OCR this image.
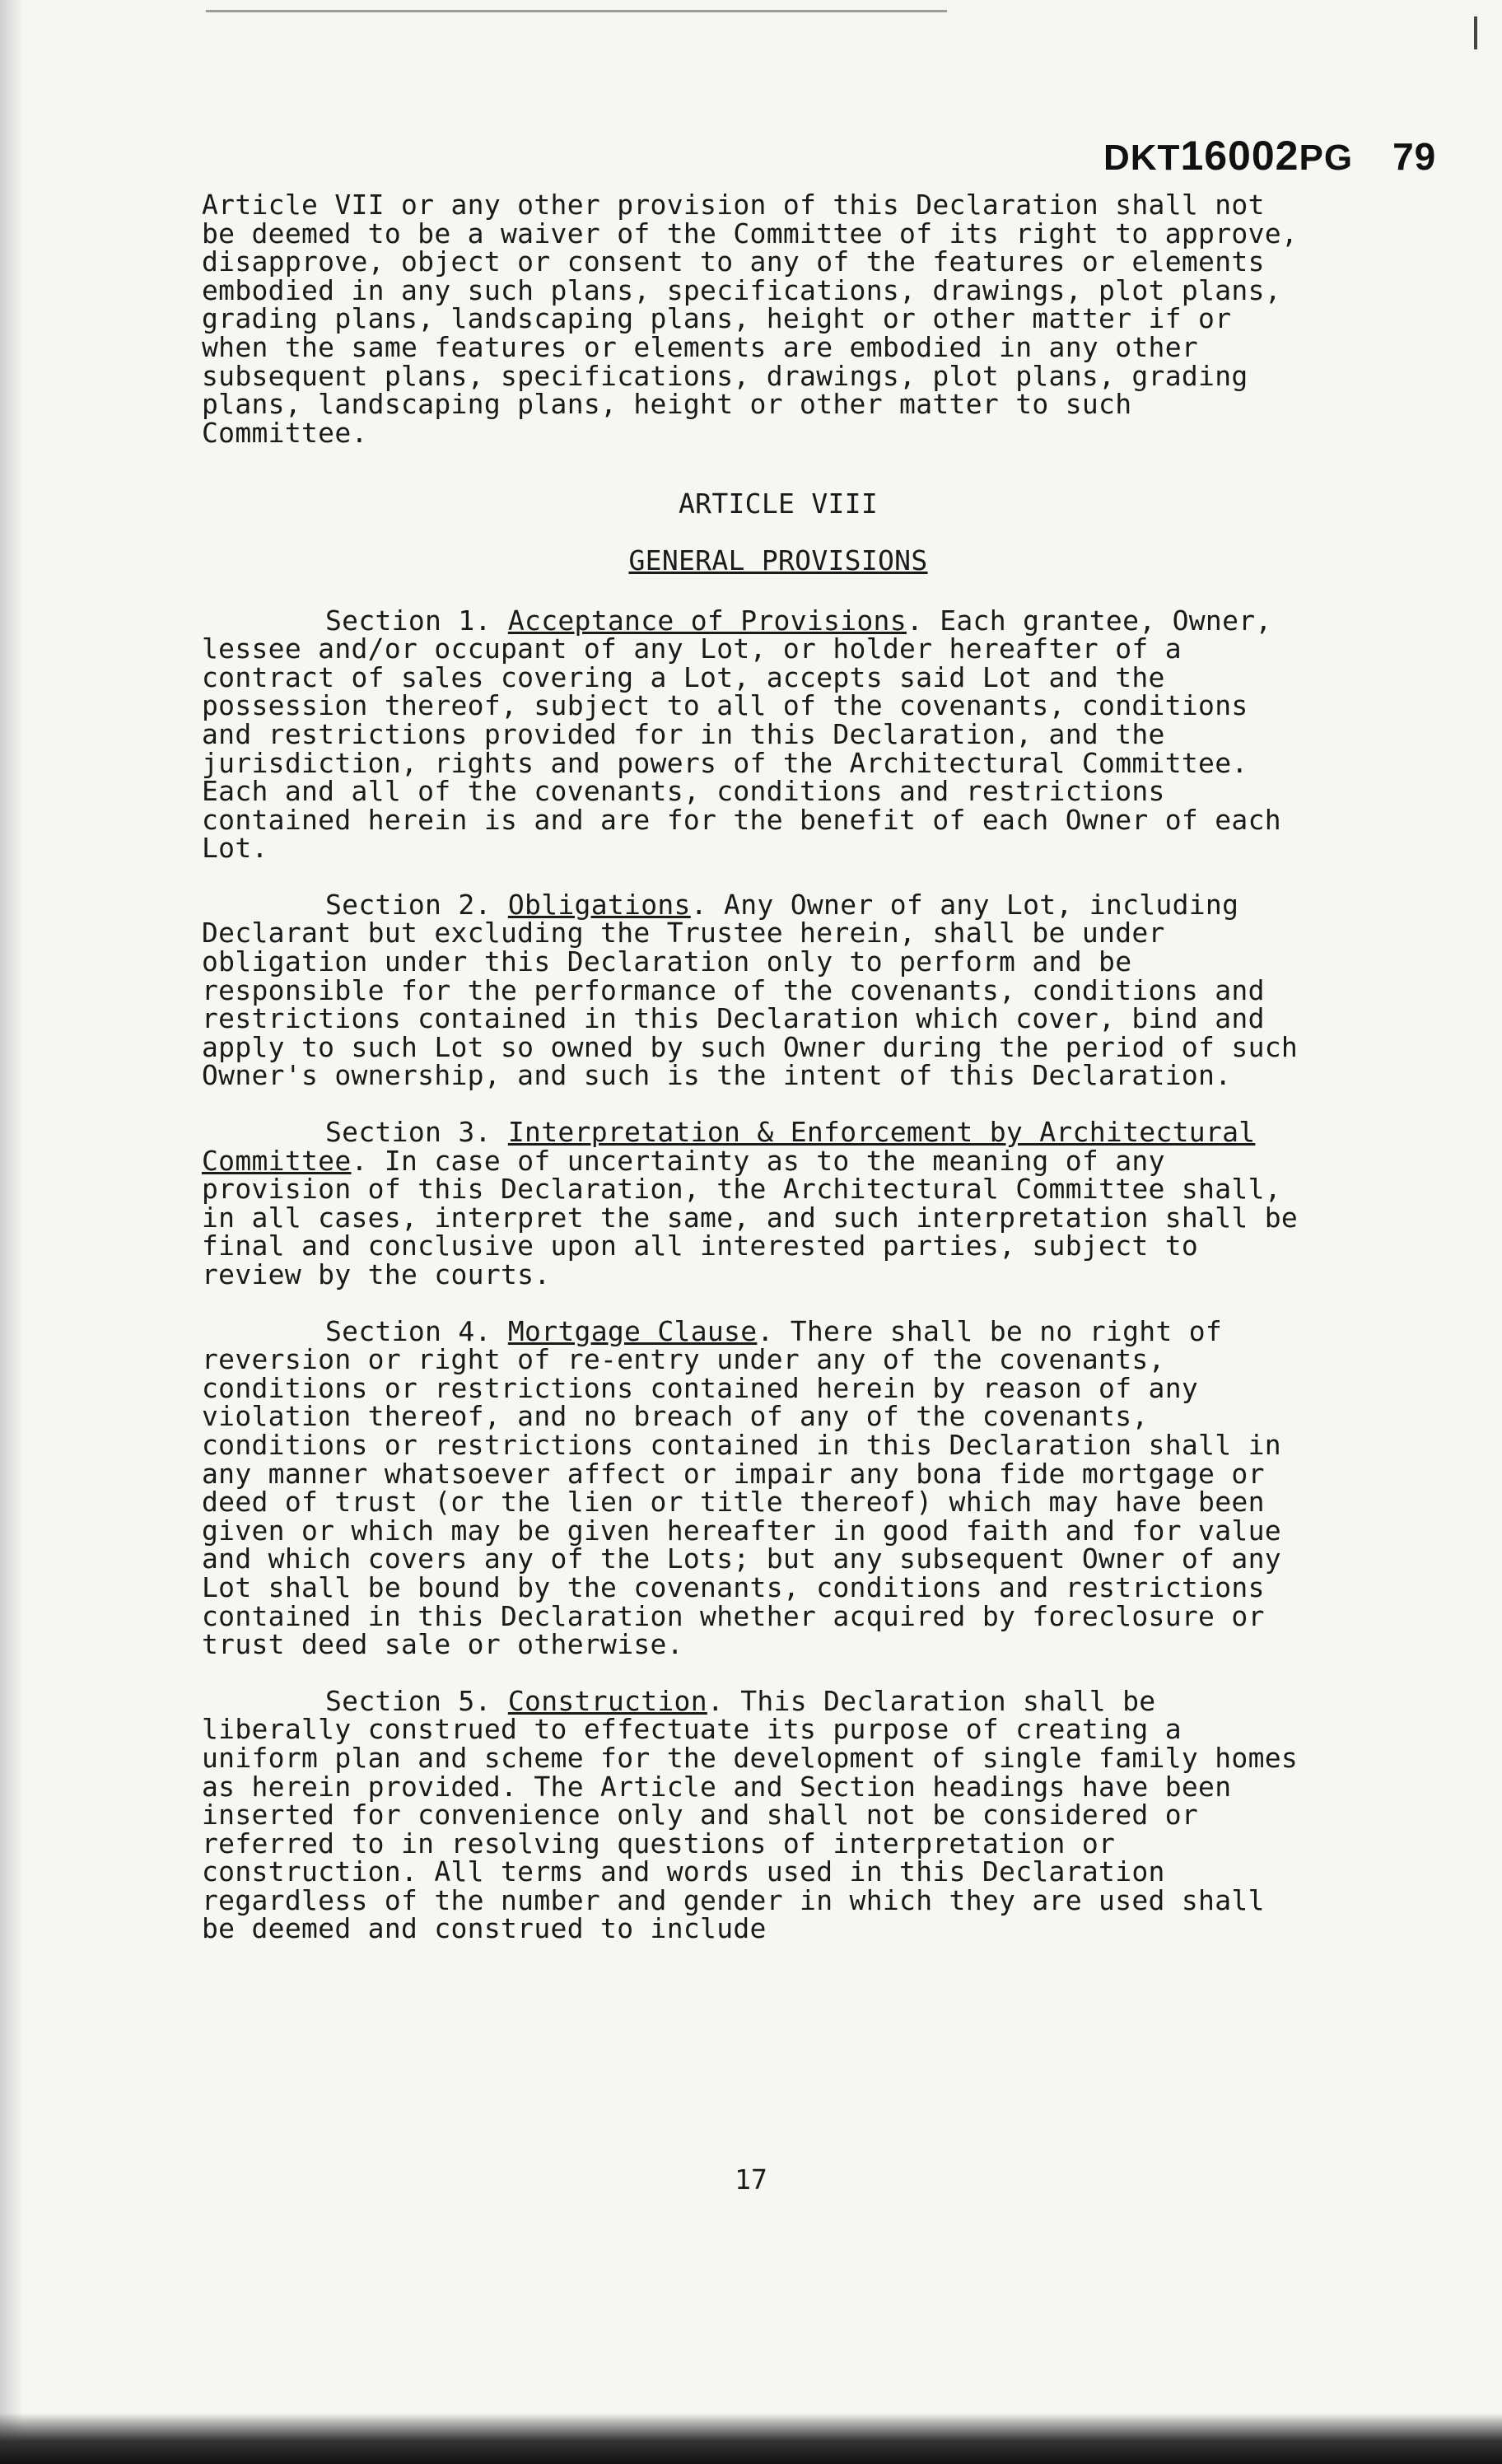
DKT16002PG 79

Article VII or any other provision of this Declaration shall not be deemed to be a waiver of the Committee of its right to approve, disapprove, object or consent to any of the features or elements embodied in any such plans, specifications, drawings, plot plans, grading plans, landscaping plans, height or other matter if or when the same features or elements are embodied in any other subsequent plans, specifications, drawings, plot plans, grading plans, landscaping plans, height or other matter to such Committee.

ARTICLE VIII

GENERAL PROVISIONS

Section 1. Acceptance of Provisions. Each grantee, Owner, lessee and/or occupant of any Lot, or holder hereafter of a contract of sales covering a Lot, accepts said Lot and the possession thereof, subject to all of the covenants, conditions and restrictions provided for in this Declaration, and the jurisdiction, rights and powers of the Architectural Committee. Each and all of the covenants, conditions and restrictions contained herein is and are for the benefit of each Owner of each Lot.

Section 2. Obligations. Any Owner of any Lot, including Declarant but excluding the Trustee herein, shall be under obligation under this Declaration only to perform and be responsible for the performance of the covenants, conditions and restrictions contained in this Declaration which cover, bind and apply to such Lot so owned by such Owner during the period of such Owner's ownership, and such is the intent of this Declaration.

Section 3. Interpretation & Enforcement by Architectural Committee. In case of uncertainty as to the meaning of any provision of this Declaration, the Architectural Committee shall, in all cases, interpret the same, and such interpretation shall be final and conclusive upon all interested parties, subject to review by the courts.

Section 4. Mortgage Clause. There shall be no right of reversion or right of re-entry under any of the covenants, conditions or restrictions contained herein by reason of any violation thereof, and no breach of any of the covenants, conditions or restrictions contained in this Declaration shall in any manner whatsoever affect or impair any bona fide mortgage or deed of trust (or the lien or title thereof) which may have been given or which may be given hereafter in good faith and for value and which covers any of the Lots; but any subsequent Owner of any Lot shall be bound by the covenants, conditions and restrictions contained in this Declaration whether acquired by foreclosure or trust deed sale or otherwise.

Section 5. Construction. This Declaration shall be liberally construed to effectuate its purpose of creating a uniform plan and scheme for the development of single family homes as herein provided. The Article and Section headings have been inserted for convenience only and shall not be considered or referred to in resolving questions of interpretation or construction. All terms and words used in this Declaration regardless of the number and gender in which they are used shall be deemed and construed to include

17
